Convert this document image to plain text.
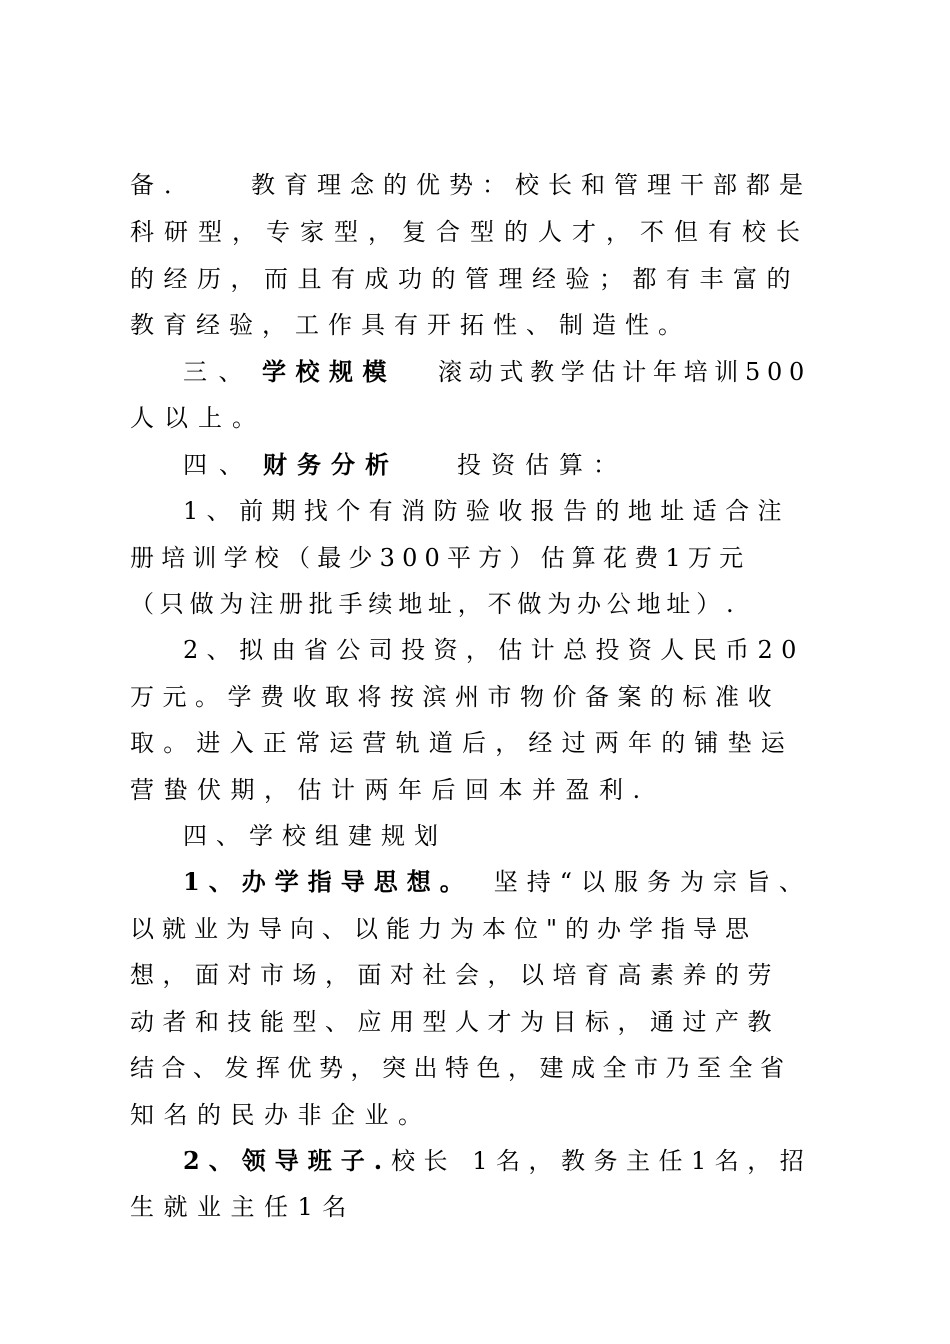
备． 教育理念的优势：校长和管理干部都是
科研型，专家型，复合型的人才，不但有校长
的经历，而且有成功的管理经验；都有丰富的
教育经验，工作具有开拓性、制造性。
三、 学校规模 滚动式教学估计年培训500
人以上。
四、 财务分析 投资估算：
1、前期找个有消防验收报告的地址适合注
册培训学校（最少300平方）估算花费1万元
（只做为注册批手续地址，不做为办公地址）.
2、拟由省公司投资，估计总投资人民币20
万元。学费收取将按滨州市物价备案的标准收
取。进入正常运营轨道后，经过两年的铺垫运
营蛰伏期，估计两年后回本并盈利.
四、学校组建规划
1、办学指导思想。 坚持“以服务为宗旨、
以就业为导向、以能力为本位"的办学指导思
想，面对市场，面对社会，以培育高素养的劳
动者和技能型、应用型人才为目标，通过产教
结合、发挥优势，突出特色，建成全市乃至全省
知名的民办非企业。
2、领导班子. 校长 1名，教务主任1名，招
生就业主任1名
